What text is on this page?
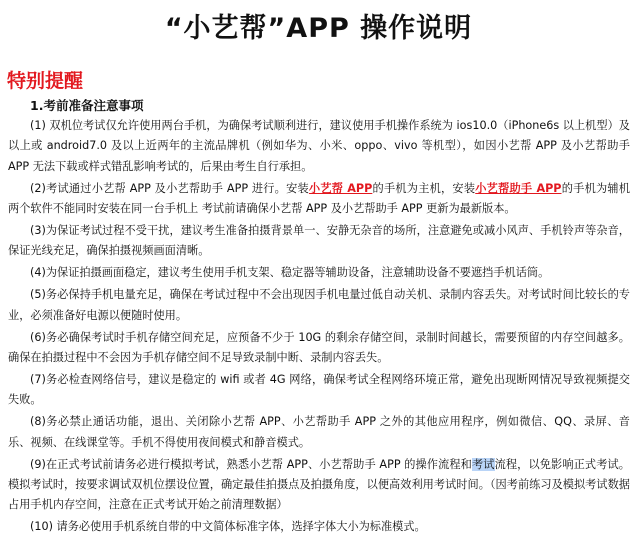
“小艺帮”APP 操作说明
特别提醒
1.考前准备注意事项

(1) 双机位考试仅允许使用两台手机，为确保考试顺利进行，建议使用手机操作系统为 ios10.0（iPhone6s 以上机型）及以上或 android7.0 及以上近两年的主流品牌机（例如华为、小米、oppo、vivo 等机型），如因小艺帮 APP 及小艺帮助手 APP 无法下载或样式错乱影响考试的，后果由考生自行承担。

(2)考试通过小艺帮 APP 及小艺帮助手 APP 进行。安装小艺帮 APP的手机为主机，安装小艺帮助手 APP的手机为辅机 两个软件不能同时安装在同一台手机上 考试前请确保小艺帮 APP 及小艺帮助手 APP 更新为最新版本。

(3)为保证考试过程不受干扰，建议考生准备拍摄背景单一、安静无杂音的场所，注意避免或减小风声、手机铃声等杂音，保证光线充足，确保拍摄视频画面清晰。

(4)为保证拍摄画面稳定，建议考生使用手机支架、稳定器等辅助设备，注意辅助设备不要遮挡手机话筒。

(5)务必保持手机电量充足，确保在考试过程中不会出现因手机电量过低自动关机、录制内容丢失。对考试时间比较长的专业，必须准备好电源以便随时使用。

(6)务必确保考试时手机存储空间充足，应预备不少于 10G 的剩余存储空间，录制时间越长，需要预留的内存空间越多。确保在拍摄过程中不会因为手机存储空间不足导致录制中断、录制内容丢失。

(7)务必检查网络信号，建议是稳定的 wifi 或者 4G 网络，确保考试全程网络环境正常，避免出现断网情况导致视频提交失败。

(8)务必禁止通话功能，退出、关闭除小艺帮 APP、小艺帮助手 APP 之外的其他应用程序，例如微信、QQ、录屏、音乐、视频、在线课堂等。手机不得使用夜间模式和静音模式。

(9)在正式考试前请务必进行模拟考试，熟悉小艺帮 APP、小艺帮助手 APP 的操作流程和考试流程，以免影响正式考试。模拟考试时，按要求调试双机位摆设位置，确定最佳拍摄点及拍摄角度，以便高效利用考试时间。（因考前练习及模拟考试数据占用手机内存空间，注意在正式考试开始之前清理数据）

(10) 请务必使用手机系统自带的中文简体标准字体，选择字体大小为标准模式。
